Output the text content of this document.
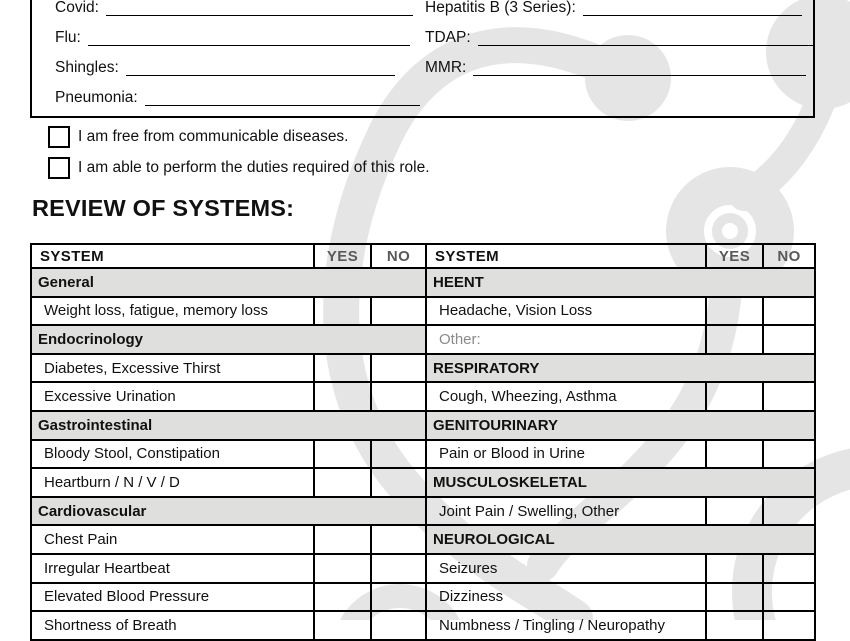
Covid:
Flu:
Shingles:
Pneumonia:
Hepatitis B (3 Series):
TDAP:
MMR:
I am free from communicable diseases.
I am able to perform the duties required of this role.
REVIEW OF SYSTEMS:
SYSTEM	YES	NO	SYSTEM	YES	NO
General			HEENT		
Weight loss, fatigue, memory loss			Headache, Vision Loss		
Endocrinology			Other:		
Diabetes, Excessive Thirst			RESPIRATORY		
Excessive Urination			Cough, Wheezing, Asthma		
Gastrointestinal			GENITOURINARY		
Bloody Stool, Constipation			Pain or Blood in Urine		
Heartburn / N / V / D			MUSCULOSKELETAL		
Cardiovascular			Joint Pain / Swelling, Other		
Chest Pain			NEUROLOGICAL		
Irregular Heartbeat			Seizures		
Elevated Blood Pressure			Dizziness		
Shortness of Breath			Numbness / Tingling / Neuropathy		
